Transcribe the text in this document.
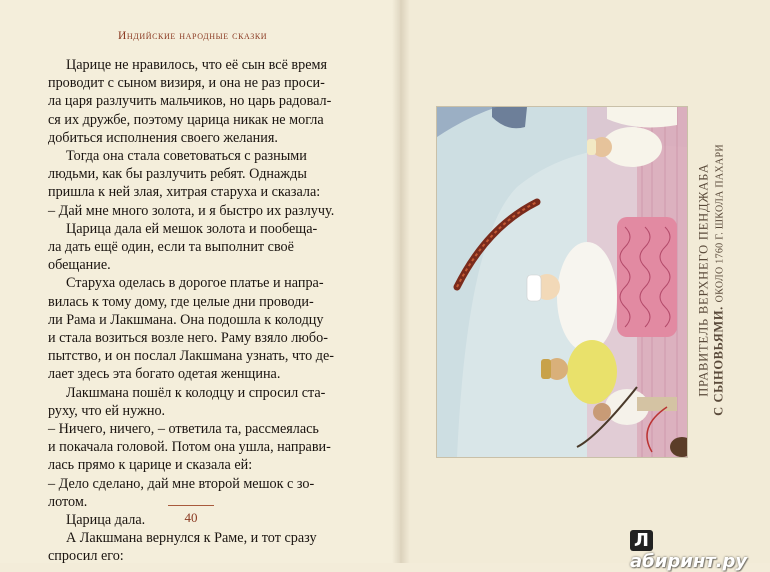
Индийские народные сказки

Царице не нравилось, что её сын всё время

проводит с сыном визиря, и она не раз проси-

ла царя разлучить мальчиков, но царь радовал-

ся их дружбе, поэтому царица никак не могла

добиться исполнения своего желания.

Тогда она стала советоваться с разными

людьми, как бы разлучить ребят. Однажды

пришла к ней злая, хитрая старуха и сказала:

– Дай мне много золота, и я быстро их разлучу.

Царица дала ей мешок золота и пообеща-

ла дать ещё один, если та выполнит своё

обещание.

Старуха оделась в дорогое платье и напра-

вилась к тому дому, где целые дни проводи-

ли Рама и Лакшмана. Она подошла к колодцу

и стала возиться возле него. Раму взяло любо-

пытство, и он послал Лакшмана узнать, что де-

лает здесь эта богато одетая женщина.

Лакшмана пошёл к колодцу и спросил ста-

руху, что ей нужно.

– Ничего, ничего, – ответила та, рассмеялась

и покачала головой. Потом она ушла, направи-

лась прямо к царице и сказала ей:

– Дело сделано, дай мне второй мешок с зо-

лотом.

Царица дала.

А Лакшмана вернулся к Раме, и тот сразу

спросил его:

40
ПРАВИТЕЛЬ ВЕРХНЕГО ПЕНДЖАБА С СЫНОВЬЯМИ. ОКОЛО 1760 Г. ШКОЛА ПАХАРИ
Лабиринт.ру
